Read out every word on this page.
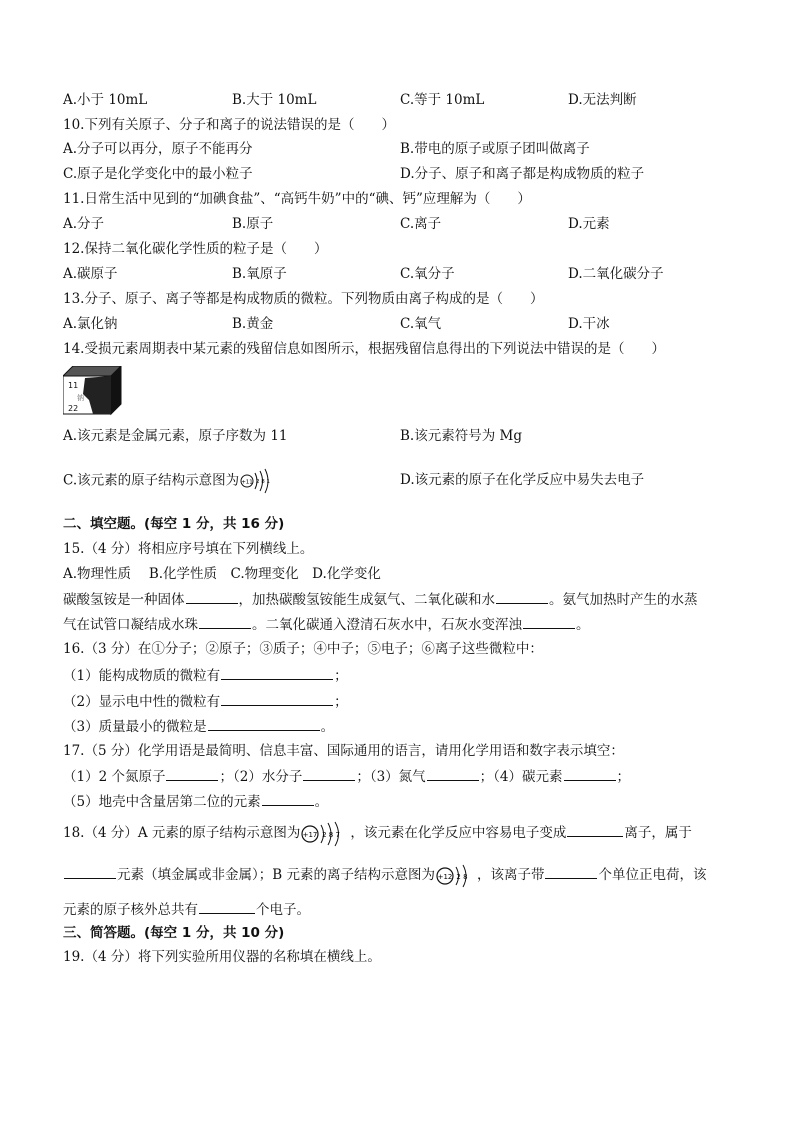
A.小于 10mL	B.大于 10mL	C.等于 10mL	D.无法判断
10.下列有关原子、分子和离子的说法错误的是（　　）
A.分子可以再分，原子不能再分	B.带电的原子或原子团叫做离子
C.原子是化学变化中的最小粒子	D.分子、原子和离子都是构成物质的粒子
11.日常生活中见到的“加碘食盐”、“高钙牛奶”中的“碘、钙”应理解为（　　）
A.分子	B.原子	C.离子	D.元素
12.保持二氧化碳化学性质的粒子是（　　）
A.碳原子	B.氧原子	C.氧分子	D.二氧化碳分子
13.分子、原子、离子等都是构成物质的微粒。下列物质由离子构成的是（　　）
A.氯化钠	B.黄金	C.氧气	D.干冰
14.受损元素周期表中某元素的残留信息如图所示，根据残留信息得出的下列说法中错误的是（　　）
11
钠
22
A.该元素是金属元素，原子序数为 11	B.该元素符号为 Mg
C.该元素的原子结构示意图为 +11 2 8 1	D.该元素的原子在化学反应中易失去电子
二、填空题。(每空 1 分，共 16 分)
15.（4 分）将相应序号填在下列横线上。
A.物理性质　 B.化学性质　C.物理变化　D.化学变化
碳酸氢铵是一种固体	，加热碳酸氢铵能生成氨气、二氧化碳和水	。氨气加热时产生的水蒸
气在试管口凝结成水珠	。二氧化碳通入澄清石灰水中，石灰水变浑浊	。
16.（3 分）在①分子；②原子；③质子；④中子；⑤电子；⑥离子这些微粒中：
（1）能构成物质的微粒有	；
（2）显示电中性的微粒有	；
（3）质量最小的微粒是	。
17.（5 分）化学用语是最简明、信息丰富、国际通用的语言，请用化学用语和数字表示填空：
（1）2 个氮原子	；（2）水分子	；（3）氮气	；（4）碳元素	；
（5）地壳中含量居第二位的元素	。
18.（4 分）A 元素的原子结构示意图为 +17 2 8 7 ，该元素在化学反应中容易电子变成	离子，属于
元素（填金属或非金属）；B 元素的离子结构示意图为 +12 2 8 ，该离子带	个单位正电荷，该
元素的原子核外总共有	个电子。
三、简答题。(每空 1 分，共 10 分)
19.（4 分）将下列实验所用仪器的名称填在横线上。
